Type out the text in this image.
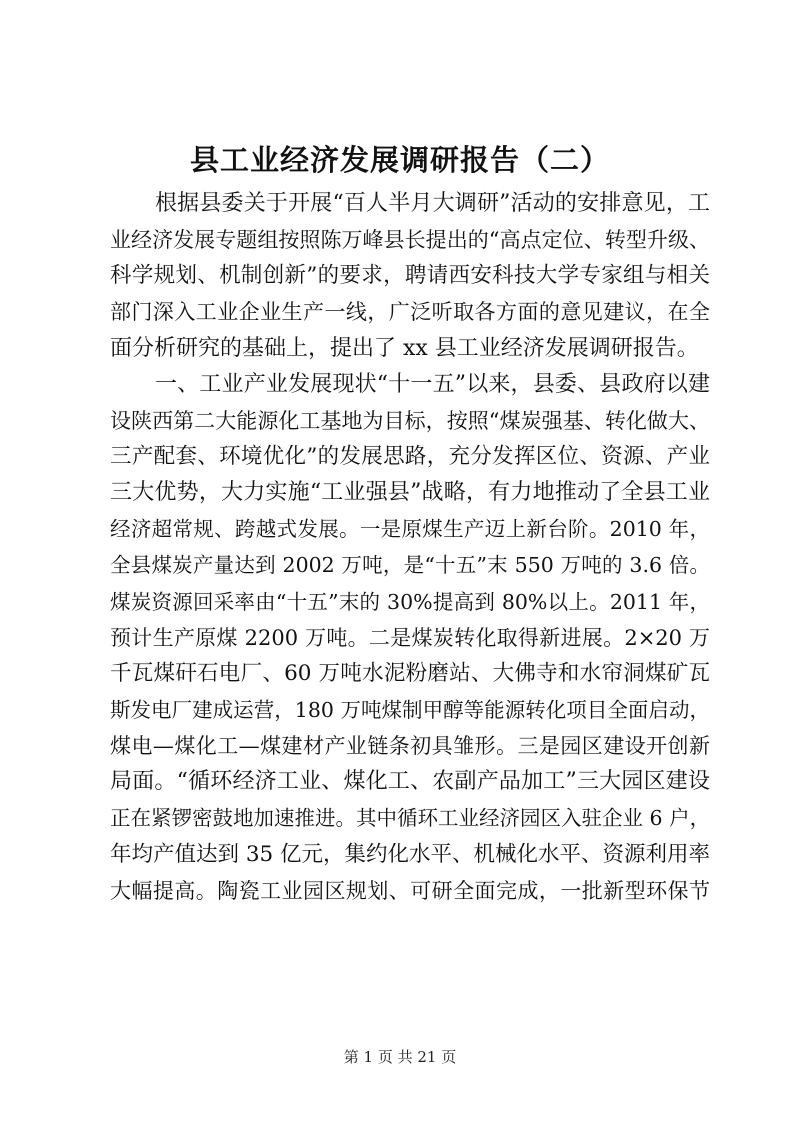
县工业经济发展调研报告（二）
根据县委关于开展“百人半月大调研”活动的安排意见，工
业经济发展专题组按照陈万峰县长提出的“高点定位、转型升级、
科学规划、机制创新”的要求，聘请西安科技大学专家组与相关
部门深入工业企业生产一线，广泛听取各方面的意见建议，在全
面分析研究的基础上，提出了 xx 县工业经济发展调研报告。
一、工业产业发展现状“十一五”以来，县委、县政府以建
设陕西第二大能源化工基地为目标，按照“煤炭强基、转化做大、
三产配套、环境优化”的发展思路，充分发挥区位、资源、产业
三大优势，大力实施“工业强县”战略，有力地推动了全县工业
经济超常规、跨越式发展。一是原煤生产迈上新台阶。2010 年，
全县煤炭产量达到 2002 万吨，是“十五”末 550 万吨的 3.6 倍。
煤炭资源回采率由“十五”末的 30%提高到 80%以上。2011 年，
预计生产原煤 2200 万吨。二是煤炭转化取得新进展。2×20 万
千瓦煤矸石电厂、60 万吨水泥粉磨站、大佛寺和水帘洞煤矿瓦
斯发电厂建成运营，180 万吨煤制甲醇等能源转化项目全面启动，
煤电—煤化工—煤建材产业链条初具雏形。三是园区建设开创新
局面。“循环经济工业、煤化工、农副产品加工”三大园区建设
正在紧锣密鼓地加速推进。其中循环工业经济园区入驻企业 6 户，
年均产值达到 35 亿元，集约化水平、机械化水平、资源利用率
大幅提高。陶瓷工业园区规划、可研全面完成，一批新型环保节
第 1 页 共 21 页
